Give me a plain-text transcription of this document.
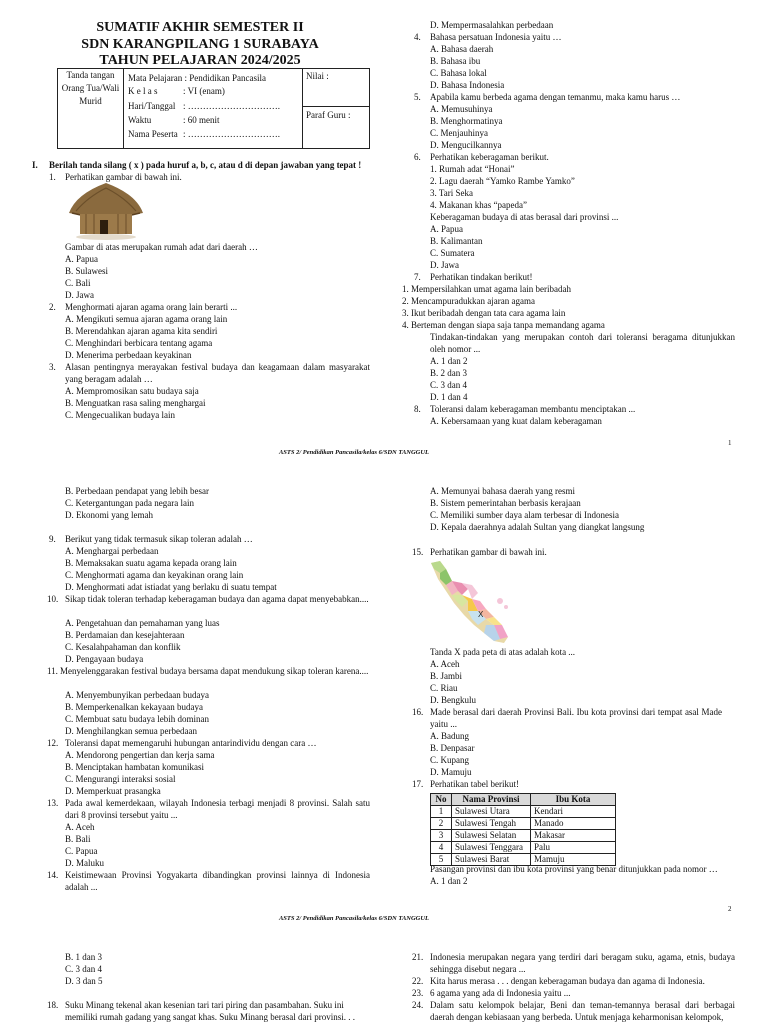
SUMATIF AKHIR SEMESTER II
SDN KARANGPILANG 1 SURABAYA
TAHUN PELAJARAN 2024/2025
Tanda tangan
Orang Tua/Wali
Murid
Mata Pelajaran : Pendidikan Pancasila
K e l a s	: VI (enam)
Hari/Tanggal : ………………………….
Waktu	: 60 menit
Nama Peserta : ………………………….
Nilai :
Paraf Guru :
I. Berilah tanda silang ( x ) pada huruf a, b, c, atau d di depan jawaban yang tepat !
1. Perhatikan gambar di bawah ini.
Gambar di atas merupakan rumah adat dari daerah …
A. Papua
B. Sulawesi
C. Bali
D. Jawa
2. Menghormati ajaran agama orang lain berarti ...
A. Mengikuti semua ajaran agama orang lain
B. Merendahkan ajaran agama kita sendiri
C. Menghindari berbicara tentang agama
D. Menerima perbedaan keyakinan
3.
A. Mempromosikan satu budaya saja
B. Menguatkan rasa saling menghargai
C. Mengecualikan budaya lain
Alasan pentingnya merayakan festival budaya dan keagamaan dalam masyarakat yang beragam adalah …
D. Mempermasalahkan perbedaan
4. Bahasa persatuan Indonesia yaitu …
A. Bahasa daerah
B. Bahasa ibu
C. Bahasa lokal
D. Bahasa Indonesia
5. Apabila kamu berbeda agama dengan temanmu, maka kamu harus …
A. Memusuhinya
B. Menghormatinya
C. Menjauhinya
D. Mengucilkannya
6. Perhatikan keberagaman berikut.
1. Rumah adat “Honai”
2. Lagu daerah “Yamko Rambe Yamko”
3. Tari Seka
4. Makanan khas “papeda”
Keberagaman budaya di atas berasal dari provinsi ...
A. Papua
B. Kalimantan
C. Sumatera
D. Jawa
7. Perhatikan tindakan berikut!
1. Mempersilahkan umat agama lain beribadah
2. Mencampuradukkan ajaran agama
3. Ikut beribadah dengan tata cara agama lain
4. Berteman dengan siapa saja tanpa memandang agama
A. 1 dan 2
B. 2 dan 3
C. 3 dan 4
D. 1 dan 4
8. Toleransi dalam keberagaman membantu menciptakan ...
A. Kebersamaan yang kuat dalam keberagaman
Tindakan-tindakan yang merupakan contoh dari toleransi beragama ditunjukkan oleh nomor ...
ASTS 2/ Pendidikan Pancasila/kelas 6/SDN TANGGUL
1
B. Perbedaan pendapat yang lebih besar
C. Ketergantungan pada negara lain
D. Ekonomi yang lemah
9. Berikut yang tidak termasuk sikap toleran adalah …
A. Menghargai perbedaan
B. Memaksakan suatu agama kepada orang lain
C. Menghormati agama dan keyakinan orang lain
D. Menghormati adat istiadat yang berlaku di suatu tempat
10.
A. Pengetahuan dan pemahaman yang luas
B. Perdamaian dan kesejahteraan
C. Kesalahpahaman dan konflik
D. Pengayaan budaya
11.
A. Menyembunyikan perbedaan budaya
B. Memperkenalkan kekayaan budaya
C. Membuat satu budaya lebih dominan
D. Menghilangkan semua perbedaan
12. Toleransi dapat memengaruhi hubungan antarindividu dengan cara …
A. Mendorong pengertian dan kerja sama
B. Menciptakan hambatan komunikasi
C. Mengurangi interaksi sosial
D. Memperkuat prasangka
13.
A. Aceh
B. Bali
C. Papua
D. Maluku
14.
Sikap tidak toleran terhadap keberagaman budaya dan agama dapat menyebabkan....
Menyelenggarakan festival budaya bersama dapat mendukung sikap toleran karena....
Pada awal kemerdekaan, wilayah Indonesia terbagi menjadi 8 provinsi. Salah satu dari 8 provinsi tersebut yaitu ...
Keistimewaan Provinsi Yogyakarta dibandingkan provinsi lainnya di Indonesia adalah ...
A. Memunyai bahasa daerah yang resmi
B. Sistem pemerintahan berbasis kerajaan
C. Memiliki sumber daya alam terbesar di Indonesia
D. Kepala daerahnya adalah Sultan yang diangkat langsung
15. Perhatikan gambar di bawah ini.
Tanda X pada peta di atas adalah kota ...
A. Aceh
B. Jambi
C. Riau
D. Bengkulu
16.
A. Badung
B. Denpasar
C. Kupang
D. Mamuju
17. Perhatikan tabel berikut!
Pasangan provinsi dan ibu kota provinsi yang benar ditunjukkan pada nomor …
A. 1 dan 2
Made berasal dari daerah Provinsi Bali. Ibu kota provinsi dari tempat asal Made yaitu ...
X
No	Nama Provinsi	Ibu Kota
1	Sulawesi Utara	Kendari
2	Sulawesi Tengah	Manado
3	Sulawesi Selatan	Makasar
4	Sulawesi Tenggara	Palu
5	Sulawesi Barat	Mamuju
ASTS 2/ Pendidikan Pancasila/kelas 6/SDN TANGGUL
2
B. 1 dan 3
C. 3 dan 4
D. 3 dan 5
18. Suku Minang tekenal akan kesenian tari tari piring dan pasambahan. Suku ini
memiliki rumah gadang yang sangat khas. Suku Minang berasal dari provinsi. . .
21.
22. Kita harus merasa . . . dengan keberagaman budaya dan agama di Indonesia.
23. 6 agama yang ada di Indonesia yaitu ...
24.
Indonesia merupakan negara yang terdiri dari beragam suku, agama, etnis, budaya sehingga disebut negara ...
Dalam satu kelompok belajar, Beni dan teman-temannya berasal dari berbagai daerah dengan kebiasaan yang berbeda. Untuk menjaga keharmonisan kelompok,
